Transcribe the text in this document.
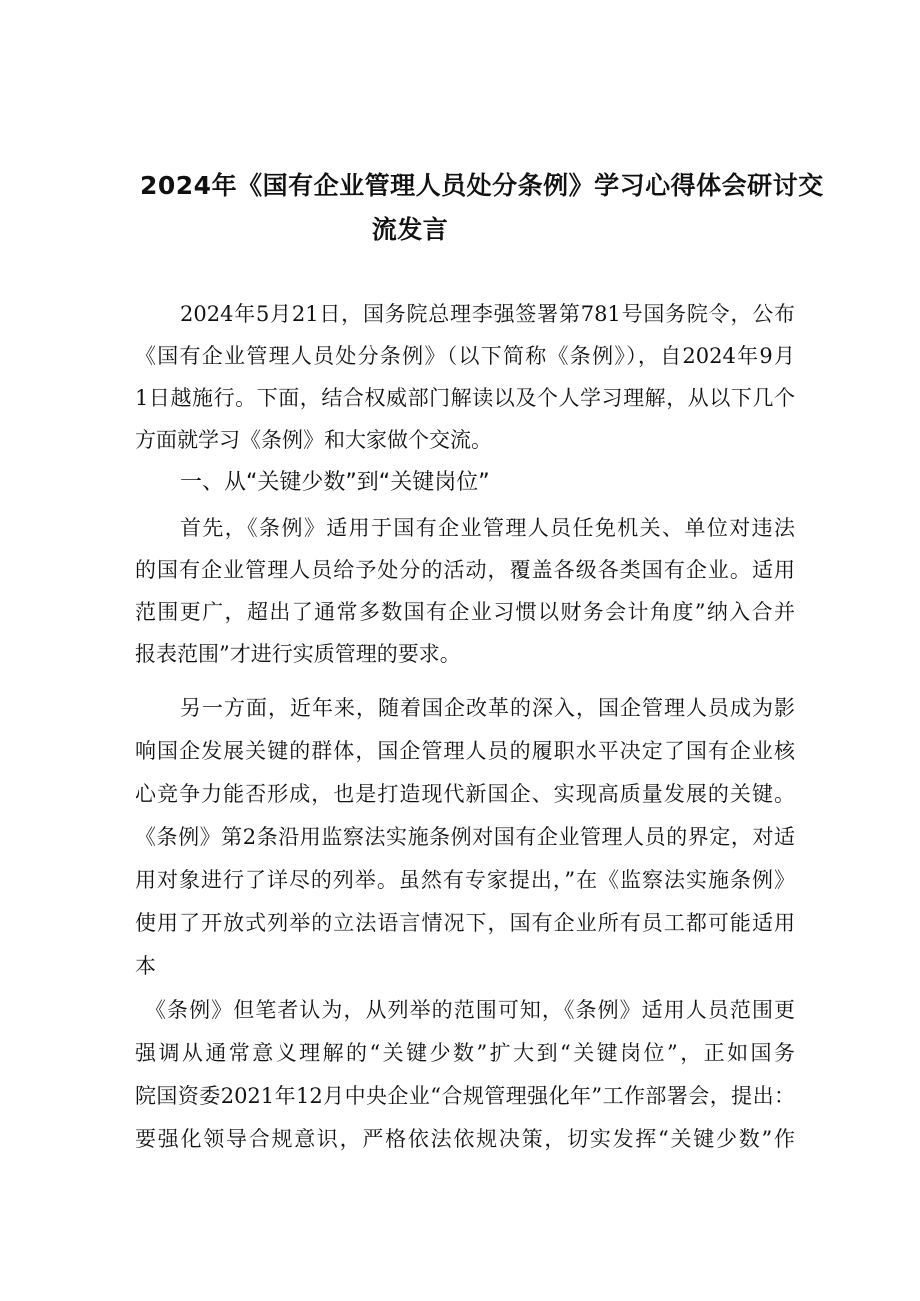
2024年《国有企业管理人员处分条例》学习心得体会研讨交
流发言
2024年5月21日，国务院总理李强签署第781号国务院令，公布
《国有企业管理人员处分条例》（以下简称《条例》），自2024年9月
1日越施行。下面，结合权威部门解读以及个人学习理解，从以下几个
方面就学习《条例》和大家做个交流。
一、从“关键少数”到“关键岗位”
首先，《条例》适用于国有企业管理人员任免机关、单位对违法
的国有企业管理人员给予处分的活动，覆盖各级各类国有企业。适用
范围更广，超出了通常多数国有企业习惯以财务会计角度”纳入合并
报表范围”才进行实质管理的要求。
另一方面，近年来，随着国企改革的深入，国企管理人员成为影
响国企发展关键的群体，国企管理人员的履职水平决定了国有企业核
心竞争力能否形成，也是打造现代新国企、实现高质量发展的关键。
《条例》第2条沿用监察法实施条例对国有企业管理人员的界定，对适
用对象进行了详尽的列举。虽然有专家提出，”在《监察法实施条例》
使用了开放式列举的立法语言情况下，国有企业所有员工都可能适用
本
《条例》但笔者认为，从列举的范围可知，《条例》适用人员范围更
强调从通常意义理解的“关键少数”扩大到“关键岗位”，正如国务
院国资委2021年12月中央企业“合规管理强化年”工作部署会，提出：
要强化领导合规意识，严格依法依规决策，切实发挥“关键少数”作
